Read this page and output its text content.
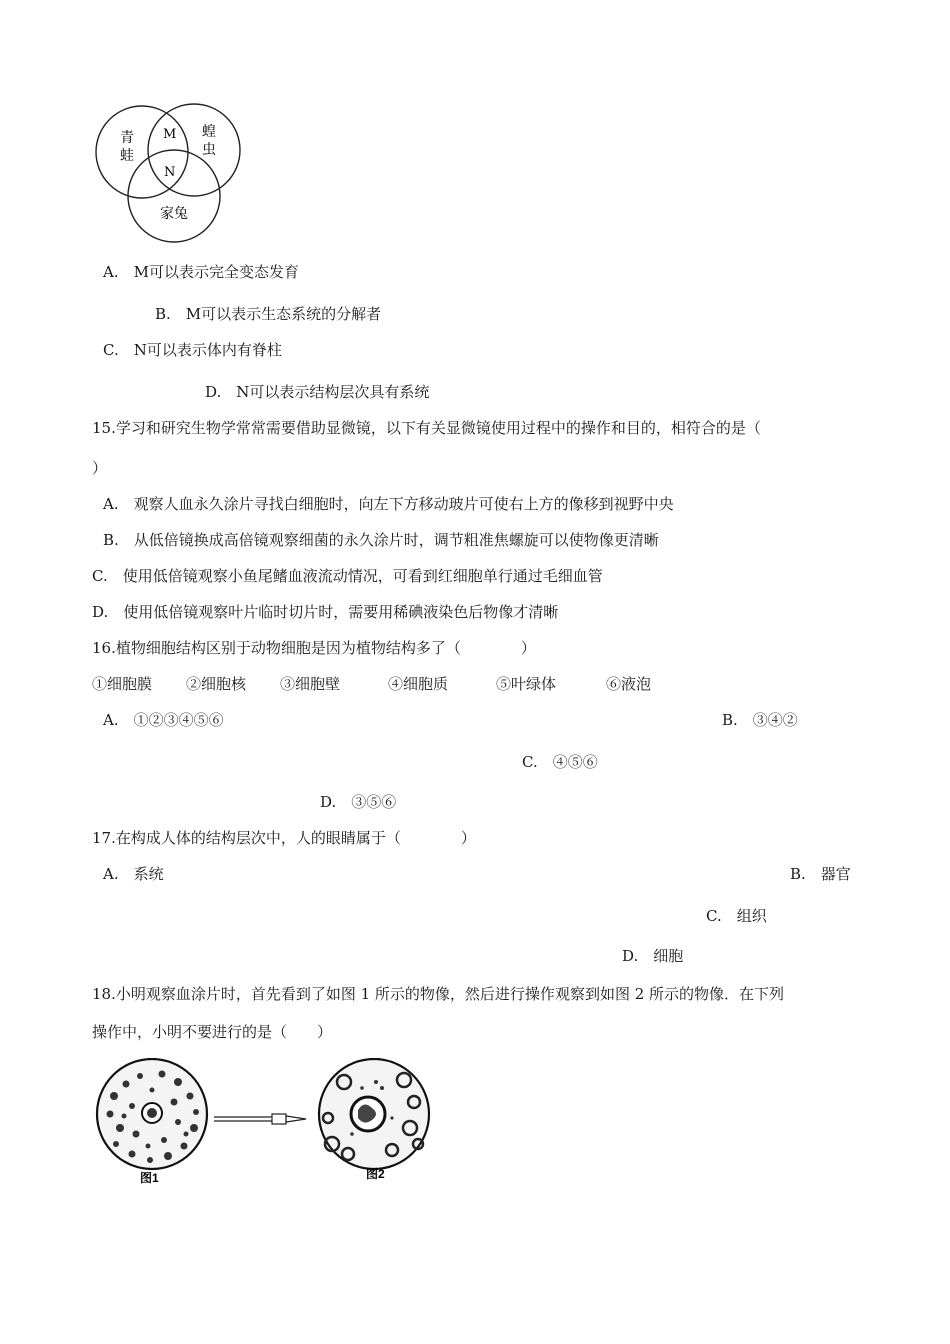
青
蛙
蝗
虫
家兔
M
N
A.　M可以表示完全变态发育
B.　M可以表示生态系统的分解者
C.　N可以表示体内有脊柱
D.　N可以表示结构层次具有系统
15.学习和研究生物学常常需要借助显微镜，以下有关显微镜使用过程中的操作和目的，相符合的是（
）
A.　观察人血永久涂片寻找白细胞时，向左下方移动玻片可使右上方的像移到视野中央
B.　从低倍镜换成高倍镜观察细菌的永久涂片时，调节粗准焦螺旋可以使物像更清晰
C.　使用低倍镜观察小鱼尾鳍血液流动情况，可看到红细胞单行通过毛细血管
D.　使用低倍镜观察叶片临时切片时，需要用稀碘液染色后物像才清晰
16.植物细胞结构区别于动物细胞是因为植物结构多了（　　　　）
①细胞膜 ②细胞核 ③细胞壁	④细胞质	⑤叶绿体	⑥液泡
A.　①②③④⑤⑥	B.　③④②
C.　④⑤⑥
D.　③⑤⑥
17.在构成人体的结构层次中，人的眼睛属于（　　　　）
A.　系统	B.　器官
C.　组织
D.　细胞
18.小明观察血涂片时，首先看到了如图 1 所示的物像，然后进行操作观察到如图 2 所示的物像．在下列
操作中，小明不要进行的是（　　）
图1	图2
